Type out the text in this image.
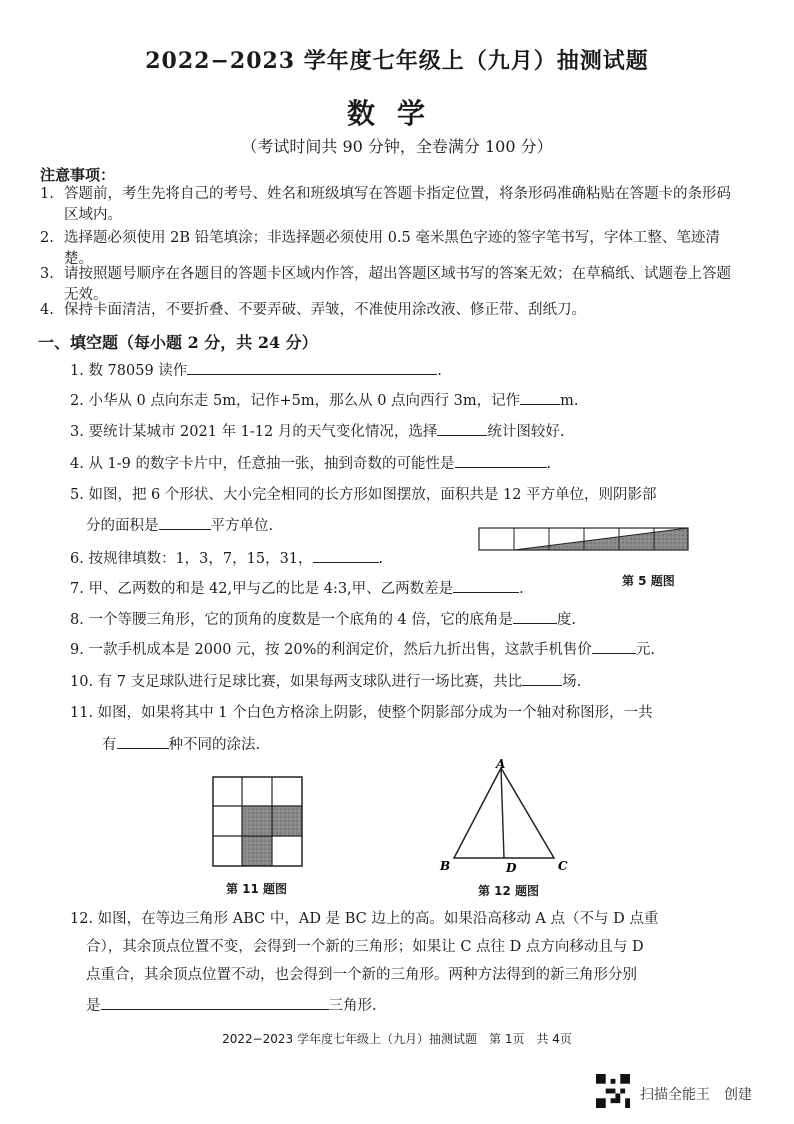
2022−2023 学年度七年级上（九月）抽测试题
数学
（考试时间共 90 分钟，全卷满分 100 分）
注意事项：
1. 答题前，考生先将自己的考号、姓名和班级填写在答题卡指定位置，将条形码准确粘贴在答题卡的条形码区域内。
2. 选择题必须使用 2B 铅笔填涂；非选择题必须使用 0.5 毫米黑色字迹的签字笔书写，字体工整、笔迹清楚。
3. 请按照题号顺序在各题目的答题卡区域内作答，超出答题区域书写的答案无效；在草稿纸、试题卷上答题无效。
4. 保持卡面清洁，不要折叠、不要弄破、弄皱，不准使用涂改液、修正带、刮纸刀。
一、填空题（每小题 2 分，共 24 分）
1. 数 78059 读作	.
2. 小华从 0 点向东走 5m，记作+5m，那么从 0 点向西行 3m，记作	m.
3. 要统计某城市 2021 年 1-12 月的天气变化情况，选择	统计图较好.
4. 从 1-9 的数字卡片中，任意抽一张，抽到奇数的可能性是	.
5. 如图，把 6 个形状、大小完全相同的长方形如图摆放，面积共是 12 平方单位，则阴影部
分的面积是	平方单位.
第 5 题图
6. 按规律填数：1，3，7，15，31，	.
7. 甲、乙两数的和是 42,甲与乙的比是 4:3,甲、乙两数差是	.
8. 一个等腰三角形，它的顶角的度数是一个底角的 4 倍，它的底角是	度.
9. 一款手机成本是 2000 元，按 20%的利润定价，然后九折出售，这款手机售价	元.
10. 有 7 支足球队进行足球比赛，如果每两支球队进行一场比赛，共比	场.
11. 如图，如果将其中 1 个白色方格涂上阴影，使整个阴影部分成为一个轴对称图形，一共
有	种不同的涂法.
第 11 题图
A
B	D	C
第 12 题图
12. 如图，在等边三角形 ABC 中，AD 是 BC 边上的高。如果沿高移动 A 点（不与 D 点重
合），其余顶点位置不变，会得到一个新的三角形；如果让 C 点往 D 点方向移动且与 D
点重合，其余顶点位置不动，也会得到一个新的三角形。两种方法得到的新三角形分别
是	三角形.
2022−2023 学年度七年级上（九月）抽测试题　第 1页　共 4页
扫描全能王　创建
